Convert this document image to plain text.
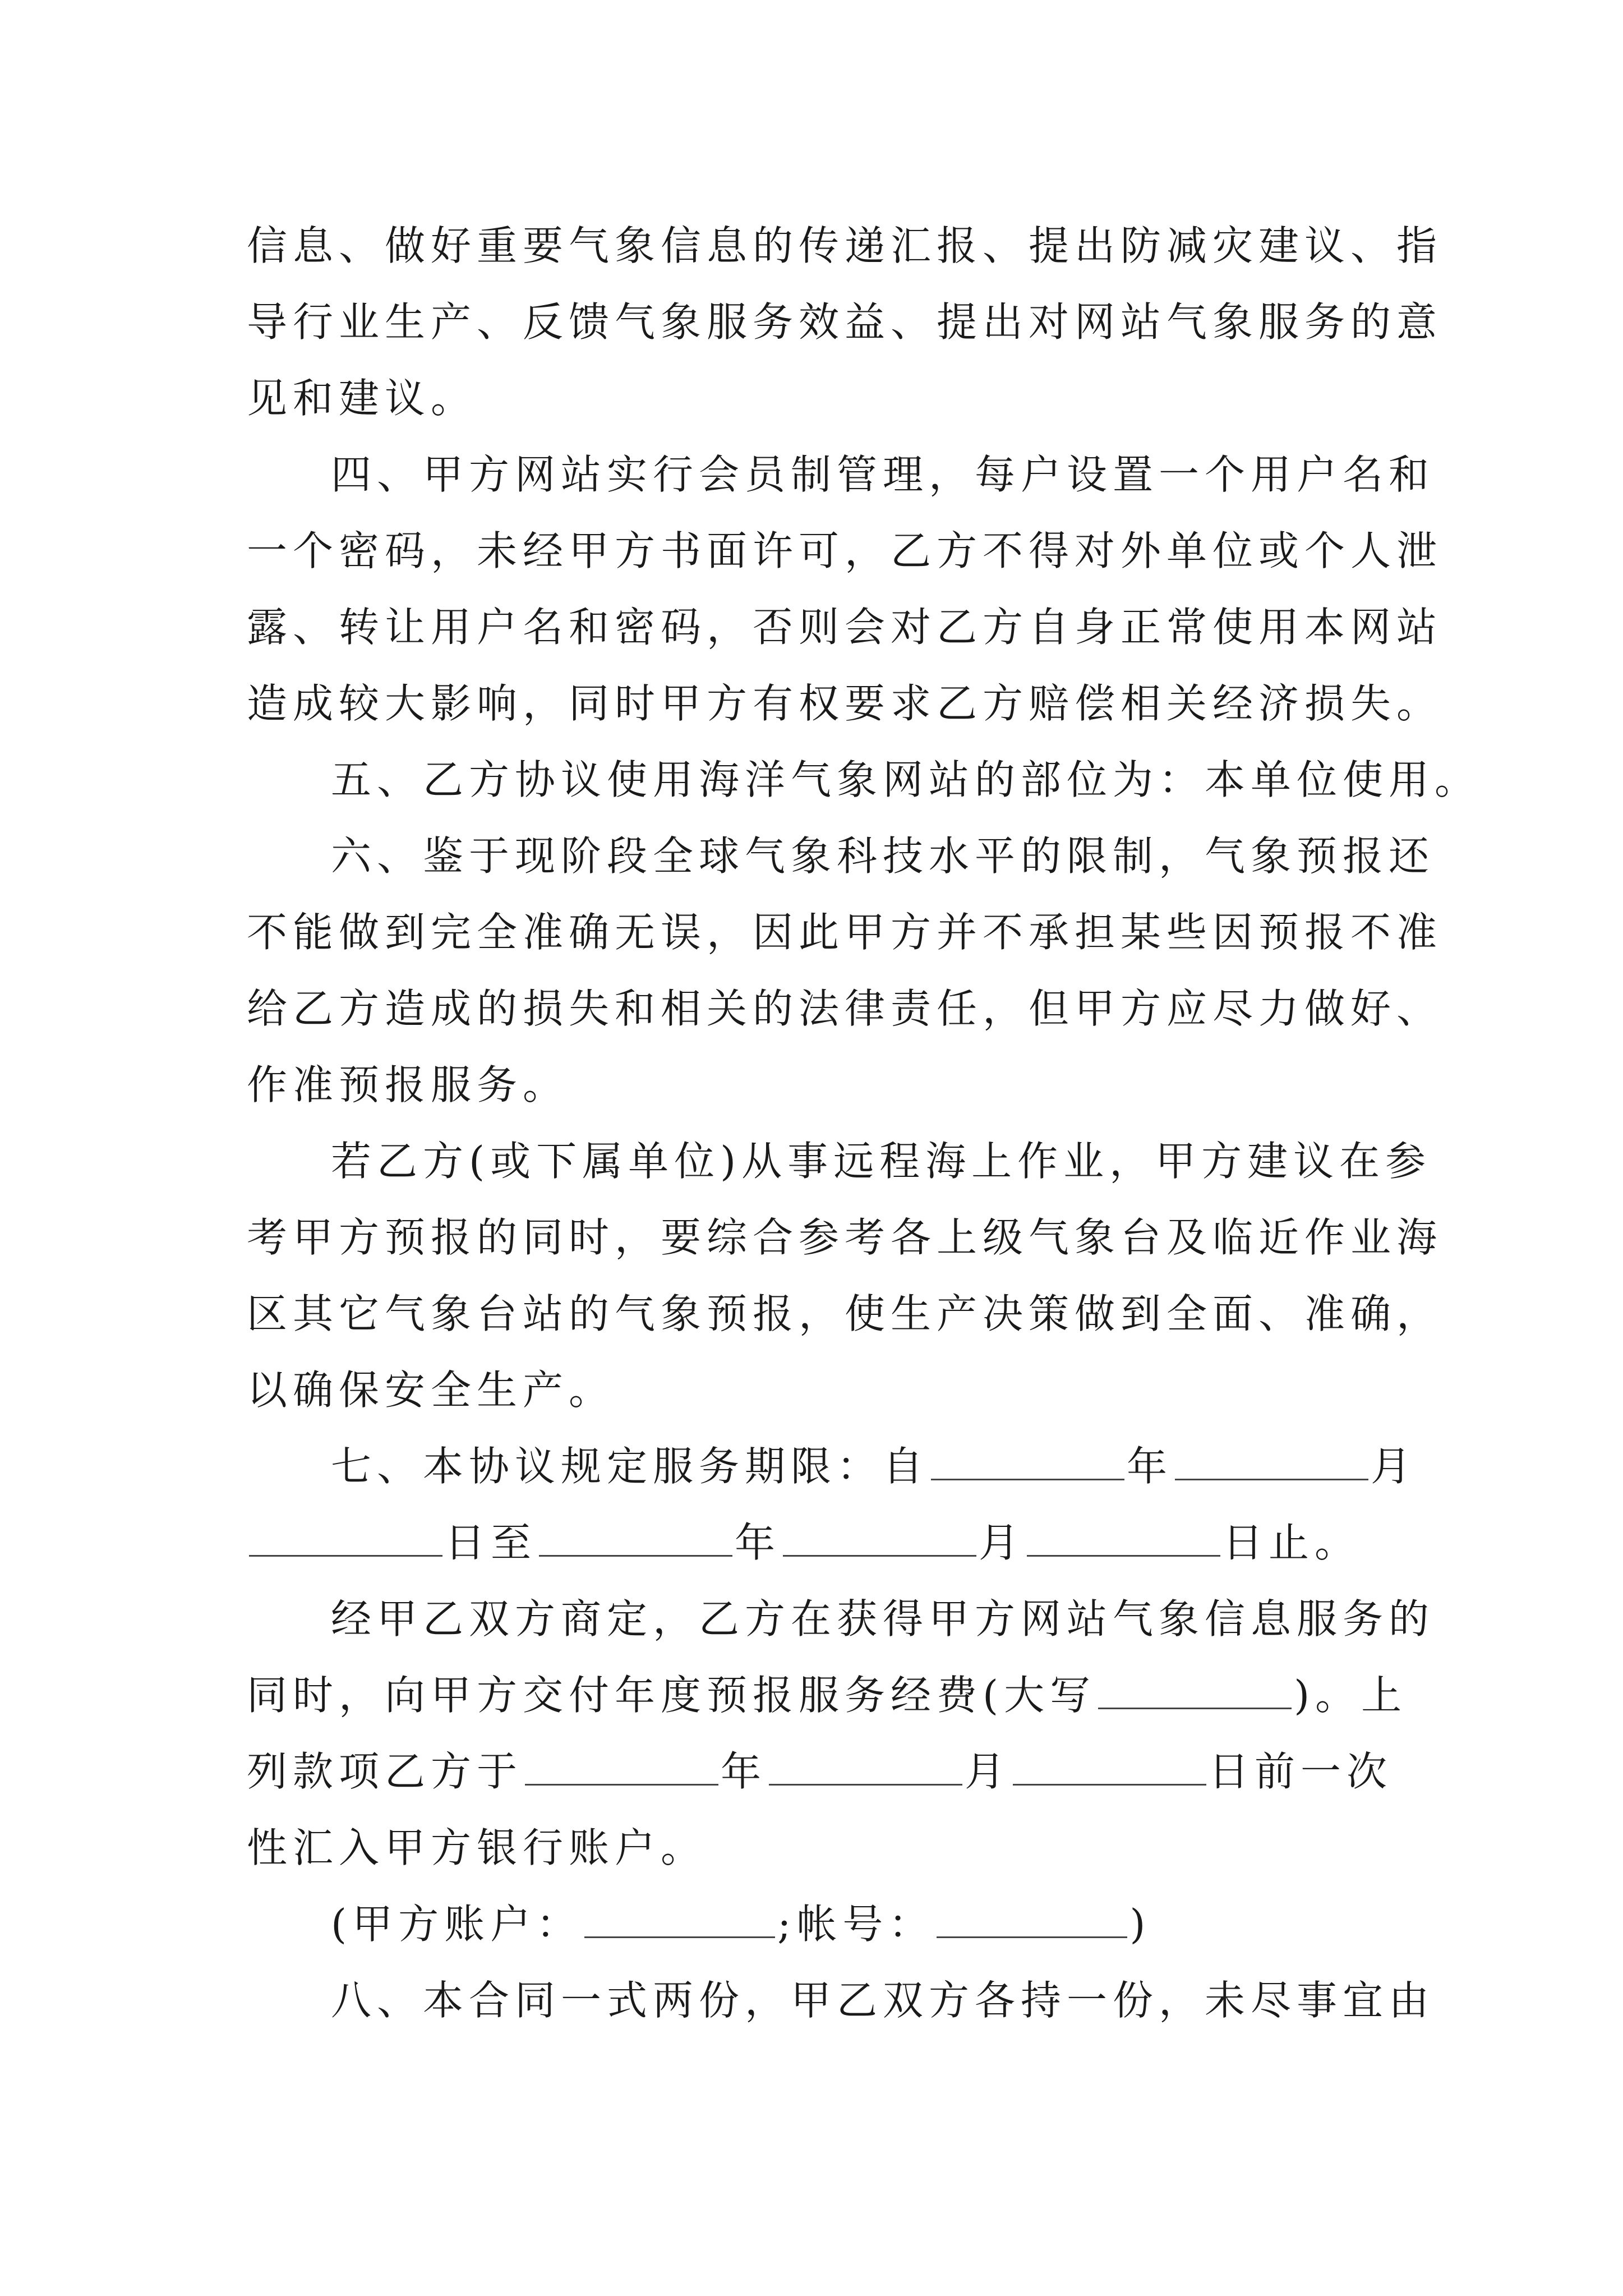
信息、做好重要气象信息的传递汇报、提出防减灾建议、指
导行业生产、反馈气象服务效益、提出对网站气象服务的意
见和建议。
四、甲方网站实行会员制管理，每户设置一个用户名和
一个密码，未经甲方书面许可，乙方不得对外单位或个人泄
露、转让用户名和密码，否则会对乙方自身正常使用本网站
造成较大影响，同时甲方有权要求乙方赔偿相关经济损失。
五、乙方协议使用海洋气象网站的部位为：本单位使用。
六、鉴于现阶段全球气象科技水平的限制，气象预报还
不能做到完全准确无误，因此甲方并不承担某些因预报不准
给乙方造成的损失和相关的法律责任，但甲方应尽力做好、
作准预报服务。
若乙方(或下属单位)从事远程海上作业，甲方建议在参
考甲方预报的同时，要综合参考各上级气象台及临近作业海
区其它气象台站的气象预报，使生产决策做到全面、准确，
以确保安全生产。
七、本协议规定服务期限：自	年	月
日至	年	月	日止。
经甲乙双方商定，乙方在获得甲方网站气象信息服务的
同时，向甲方交付年度预报服务经费(大写	)。上
列款项乙方于	年	月	日前一次
性汇入甲方银行账户。
(甲方账户：	;帐号：	)
八、本合同一式两份，甲乙双方各持一份，未尽事宜由
